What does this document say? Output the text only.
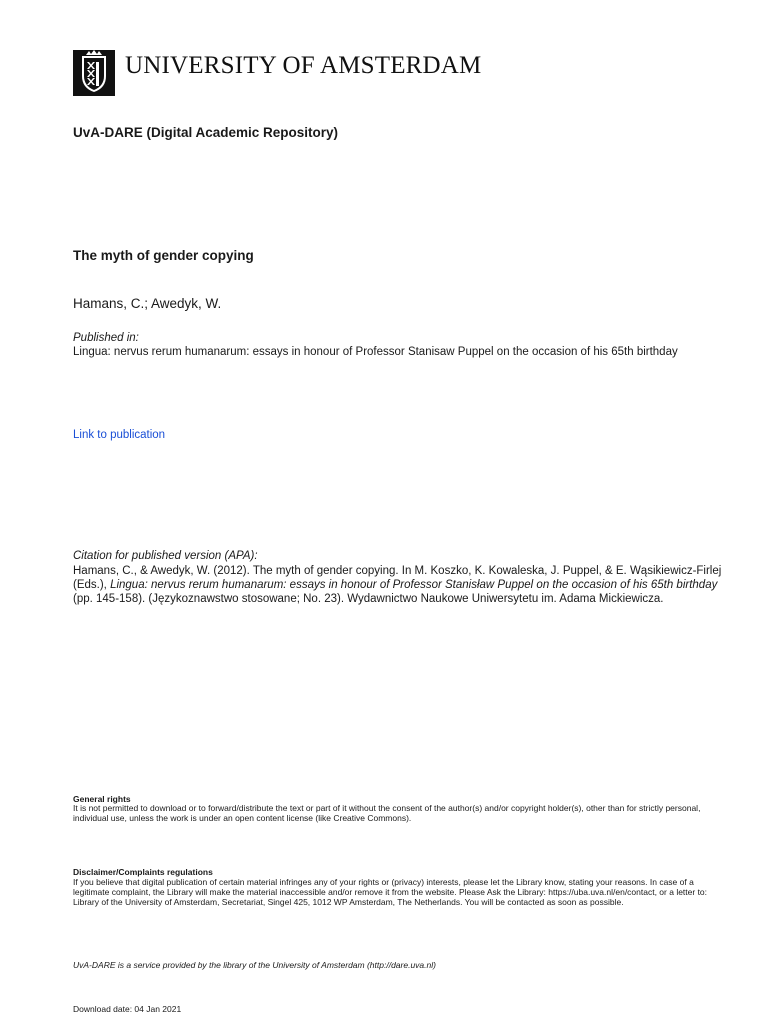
UNIVERSITY OF AMSTERDAM
UvA-DARE (Digital Academic Repository)
The myth of gender copying
Hamans, C.; Awedyk, W.
Published in:
Lingua: nervus rerum humanarum: essays in honour of Professor Stanisaw Puppel on the occasion of his 65th birthday
Link to publication
Citation for published version (APA):
Hamans, C., & Awedyk, W. (2012). The myth of gender copying. In M. Koszko, K. Kowaleska, J. Puppel, & E. Wąsikiewicz-Firlej (Eds.), Lingua: nervus rerum humanarum: essays in honour of Professor Stanisław Puppel on the occasion of his 65th birthday (pp. 145-158). (Językoznawstwo stosowane; No. 23). Wydawnictwo Naukowe Uniwersytetu im. Adama Mickiewicza.
General rights
It is not permitted to download or to forward/distribute the text or part of it without the consent of the author(s) and/or copyright holder(s), other than for strictly personal, individual use, unless the work is under an open content license (like Creative Commons).
Disclaimer/Complaints regulations
If you believe that digital publication of certain material infringes any of your rights or (privacy) interests, please let the Library know, stating your reasons. In case of a legitimate complaint, the Library will make the material inaccessible and/or remove it from the website. Please Ask the Library: https://uba.uva.nl/en/contact, or a letter to: Library of the University of Amsterdam, Secretariat, Singel 425, 1012 WP Amsterdam, The Netherlands. You will be contacted as soon as possible.
UvA-DARE is a service provided by the library of the University of Amsterdam (http://dare.uva.nl)
Download date: 04 Jan 2021
